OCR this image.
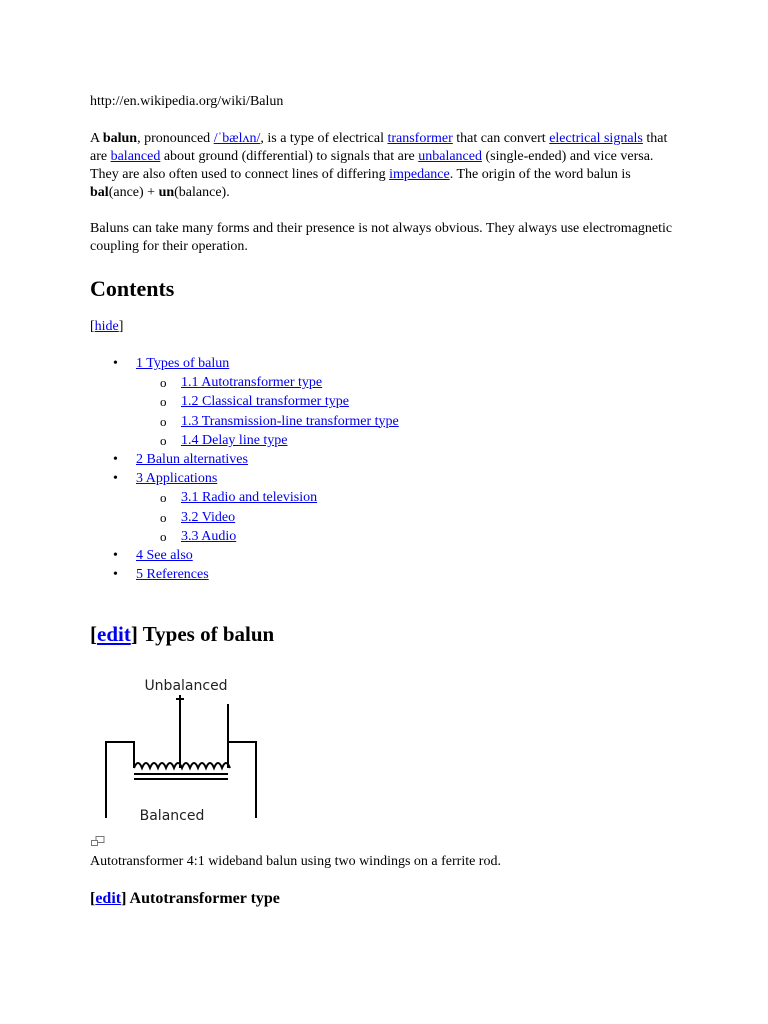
http://en.wikipedia.org/wiki/Balun

A balun, pronounced /ˈbælʌn/, is a type of electrical transformer that can convert electrical signals that are balanced about ground (differential) to signals that are unbalanced (single-ended) and vice versa. They are also often used to connect lines of differing impedance. The origin of the word balun is bal(ance) + un(balance).

Baluns can take many forms and their presence is not always obvious. They always use electromagnetic coupling for their operation.

Contents
[hide]
• 1 Types of balun
o 1.1 Autotransformer type
o 1.2 Classical transformer type
o 1.3 Transmission-line transformer type
o 1.4 Delay line type
• 2 Balun alternatives
• 3 Applications
o 3.1 Radio and television
o 3.2 Video
o 3.3 Audio
• 4 See also
• 5 References
[edit] Types of balun
Unbalanced
Balanced
Autotransformer 4:1 wideband balun using two windings on a ferrite rod.
[edit] Autotransformer type
